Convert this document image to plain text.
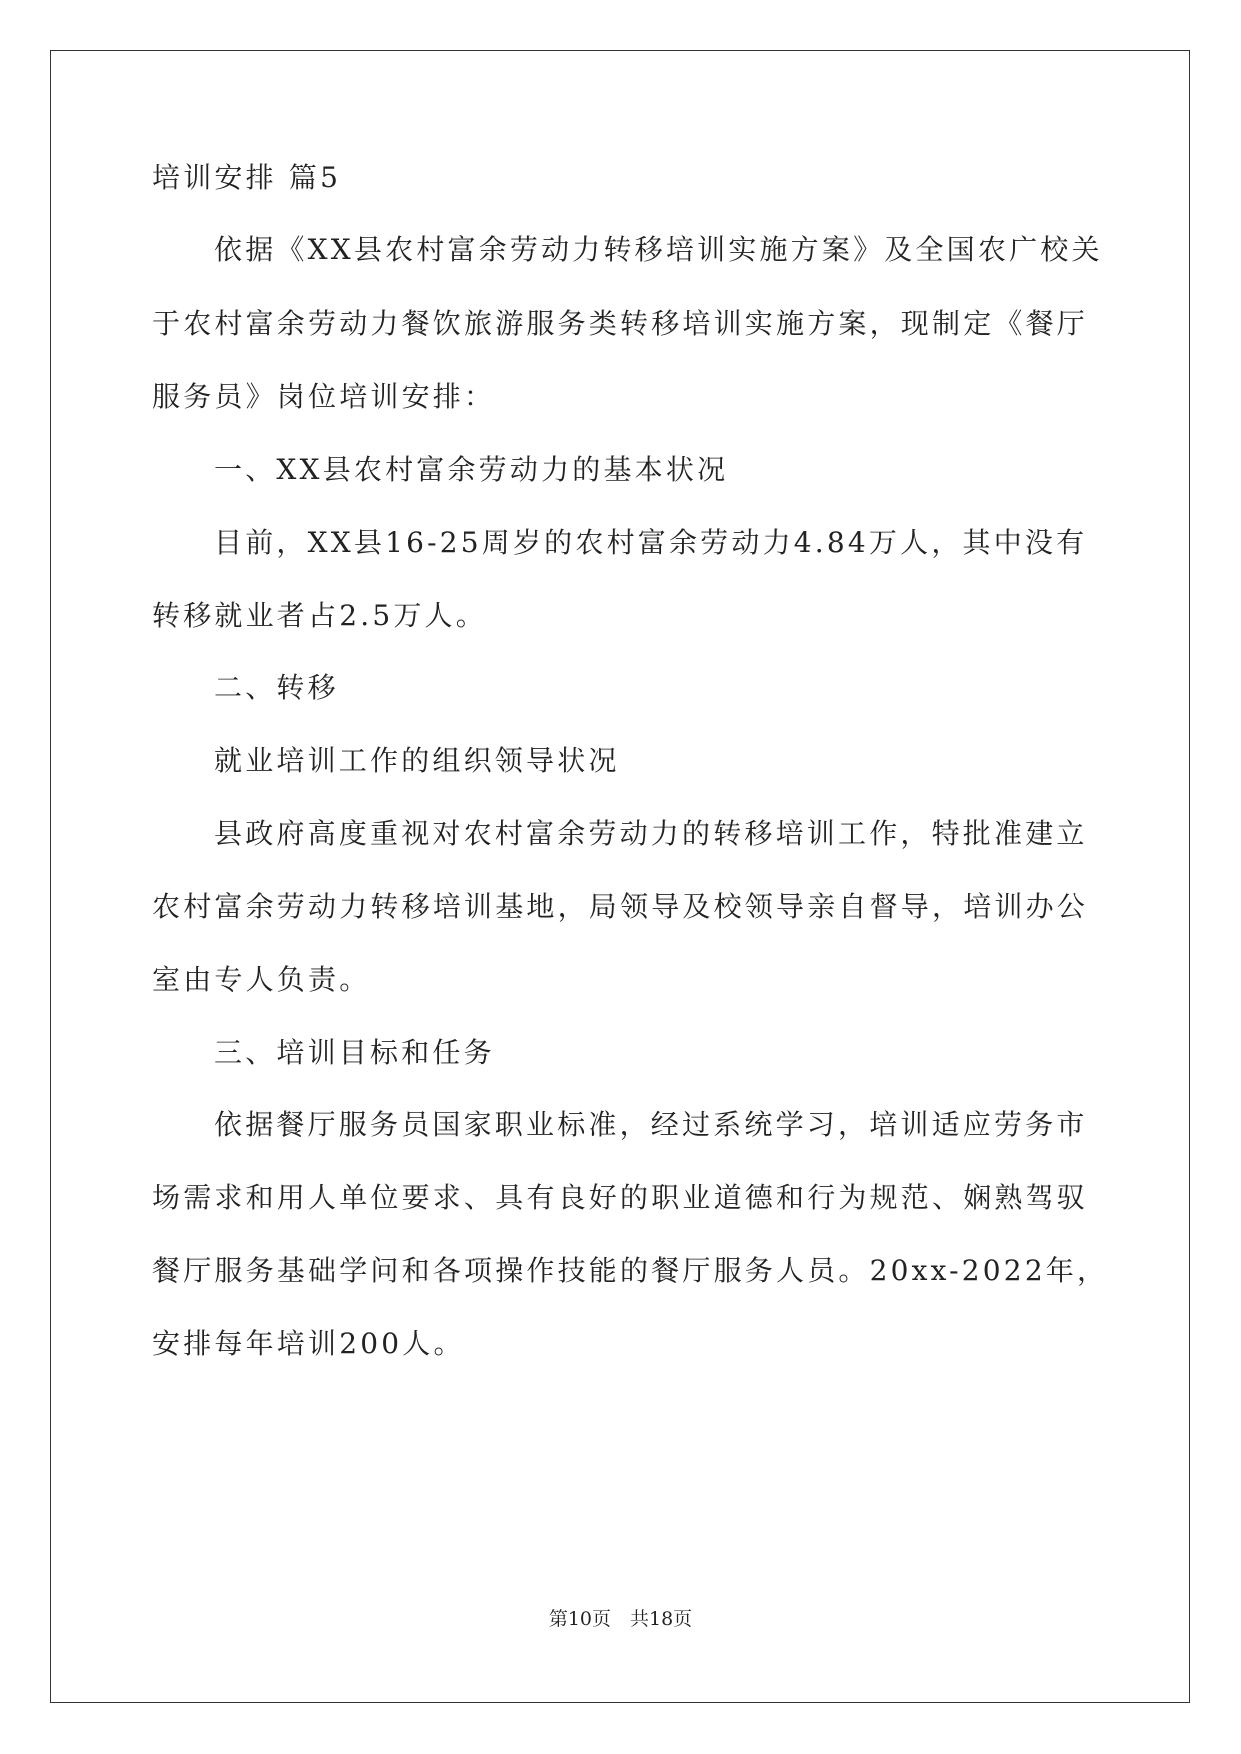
培训安排 篇5
依据《XX县农村富余劳动力转移培训实施方案》及全国农广校关
于农村富余劳动力餐饮旅游服务类转移培训实施方案，现制定《餐厅
服务员》岗位培训安排：
一、XX县农村富余劳动力的基本状况
目前，XX县16-25周岁的农村富余劳动力4.84万人，其中没有
转移就业者占2.5万人。
二、转移
就业培训工作的组织领导状况
县政府高度重视对农村富余劳动力的转移培训工作，特批准建立
农村富余劳动力转移培训基地，局领导及校领导亲自督导，培训办公
室由专人负责。
三、培训目标和任务
依据餐厅服务员国家职业标准，经过系统学习，培训适应劳务市
场需求和用人单位要求、具有良好的职业道德和行为规范、娴熟驾驭
餐厅服务基础学问和各项操作技能的餐厅服务人员。20xx-2022年，
安排每年培训200人。
第10页　共18页
